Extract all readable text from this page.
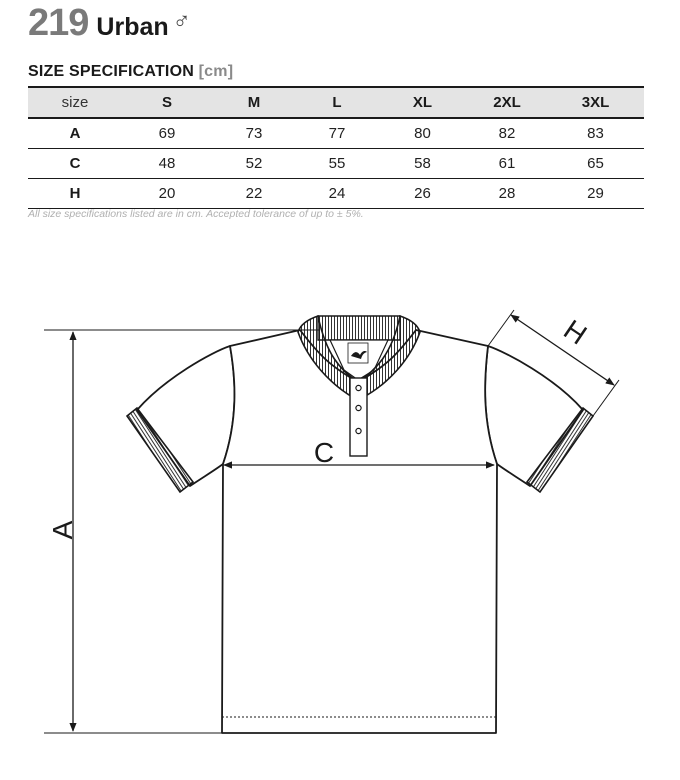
219 Urban ♂
SIZE SPECIFICATION [cm]
size	S	M	L	XL	2XL	3XL
A	69	73	77	80	82	83
C	48	52	55	58	61	65
H	20	22	24	26	28	29
All size specifications listed are in cm. Accepted tolerance of up to ± 5%.
A
C
H
